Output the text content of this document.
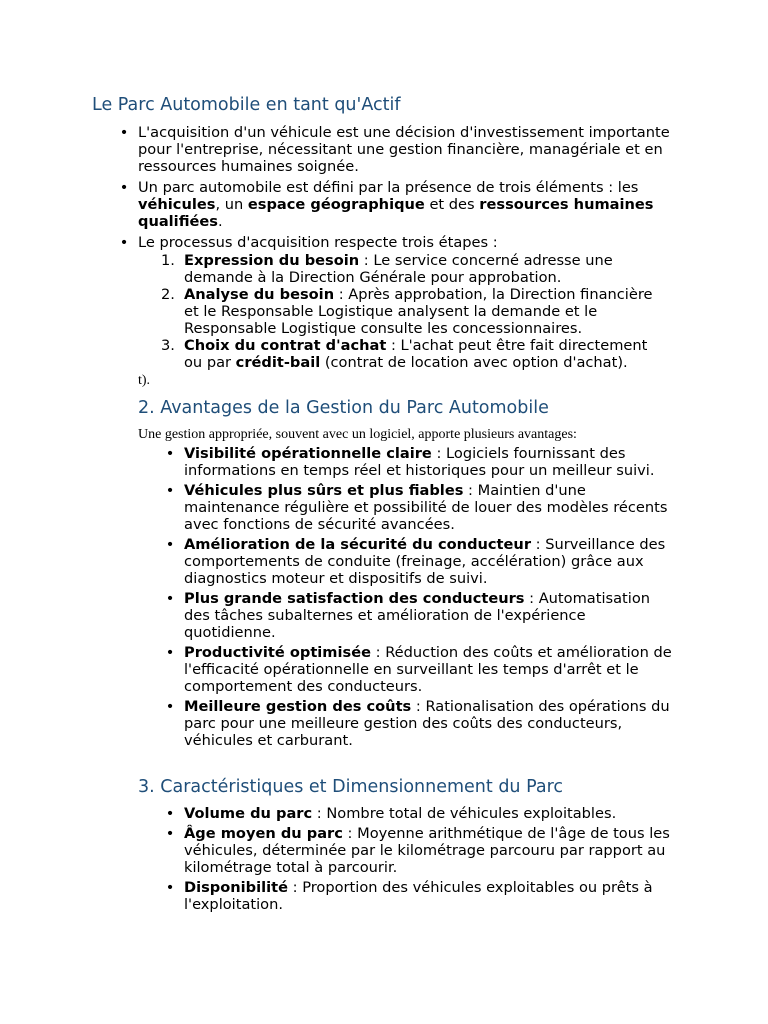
Le Parc Automobile en tant qu'Actif
• L'acquisition d'un véhicule est une décision d'investissement importante pour l'entreprise, nécessitant une gestion financière, managériale et en ressources humaines soignée.
• Un parc automobile est défini par la présence de trois éléments : les véhicules, un espace géographique et des ressources humaines qualifiées.
• Le processus d'acquisition respecte trois étapes :
1. Expression du besoin : Le service concerné adresse une demande à la Direction Générale pour approbation.
2. Analyse du besoin : Après approbation, la Direction financière et le Responsable Logistique analysent la demande et le Responsable Logistique consulte les concessionnaires.
3. Choix du contrat d'achat : L'achat peut être fait directement ou par crédit-bail (contrat de location avec option d'achat).
t).
2. Avantages de la Gestion du Parc Automobile
Une gestion appropriée, souvent avec un logiciel, apporte plusieurs avantages:
• Visibilité opérationnelle claire : Logiciels fournissant des informations en temps réel et historiques pour un meilleur suivi.
• Véhicules plus sûrs et plus fiables : Maintien d'une maintenance régulière et possibilité de louer des modèles récents avec fonctions de sécurité avancées.
• Amélioration de la sécurité du conducteur : Surveillance des comportements de conduite (freinage, accélération) grâce aux diagnostics moteur et dispositifs de suivi.
• Plus grande satisfaction des conducteurs : Automatisation des tâches subalternes et amélioration de l'expérience quotidienne.
• Productivité optimisée : Réduction des coûts et amélioration de l'efficacité opérationnelle en surveillant les temps d'arrêt et le comportement des conducteurs.
• Meilleure gestion des coûts : Rationalisation des opérations du parc pour une meilleure gestion des coûts des conducteurs, véhicules et carburant.
3. Caractéristiques et Dimensionnement du Parc
• Volume du parc : Nombre total de véhicules exploitables.
• Âge moyen du parc : Moyenne arithmétique de l'âge de tous les véhicules, déterminée par le kilométrage parcouru par rapport au kilométrage total à parcourir.
• Disponibilité : Proportion des véhicules exploitables ou prêts à l'exploitation.
